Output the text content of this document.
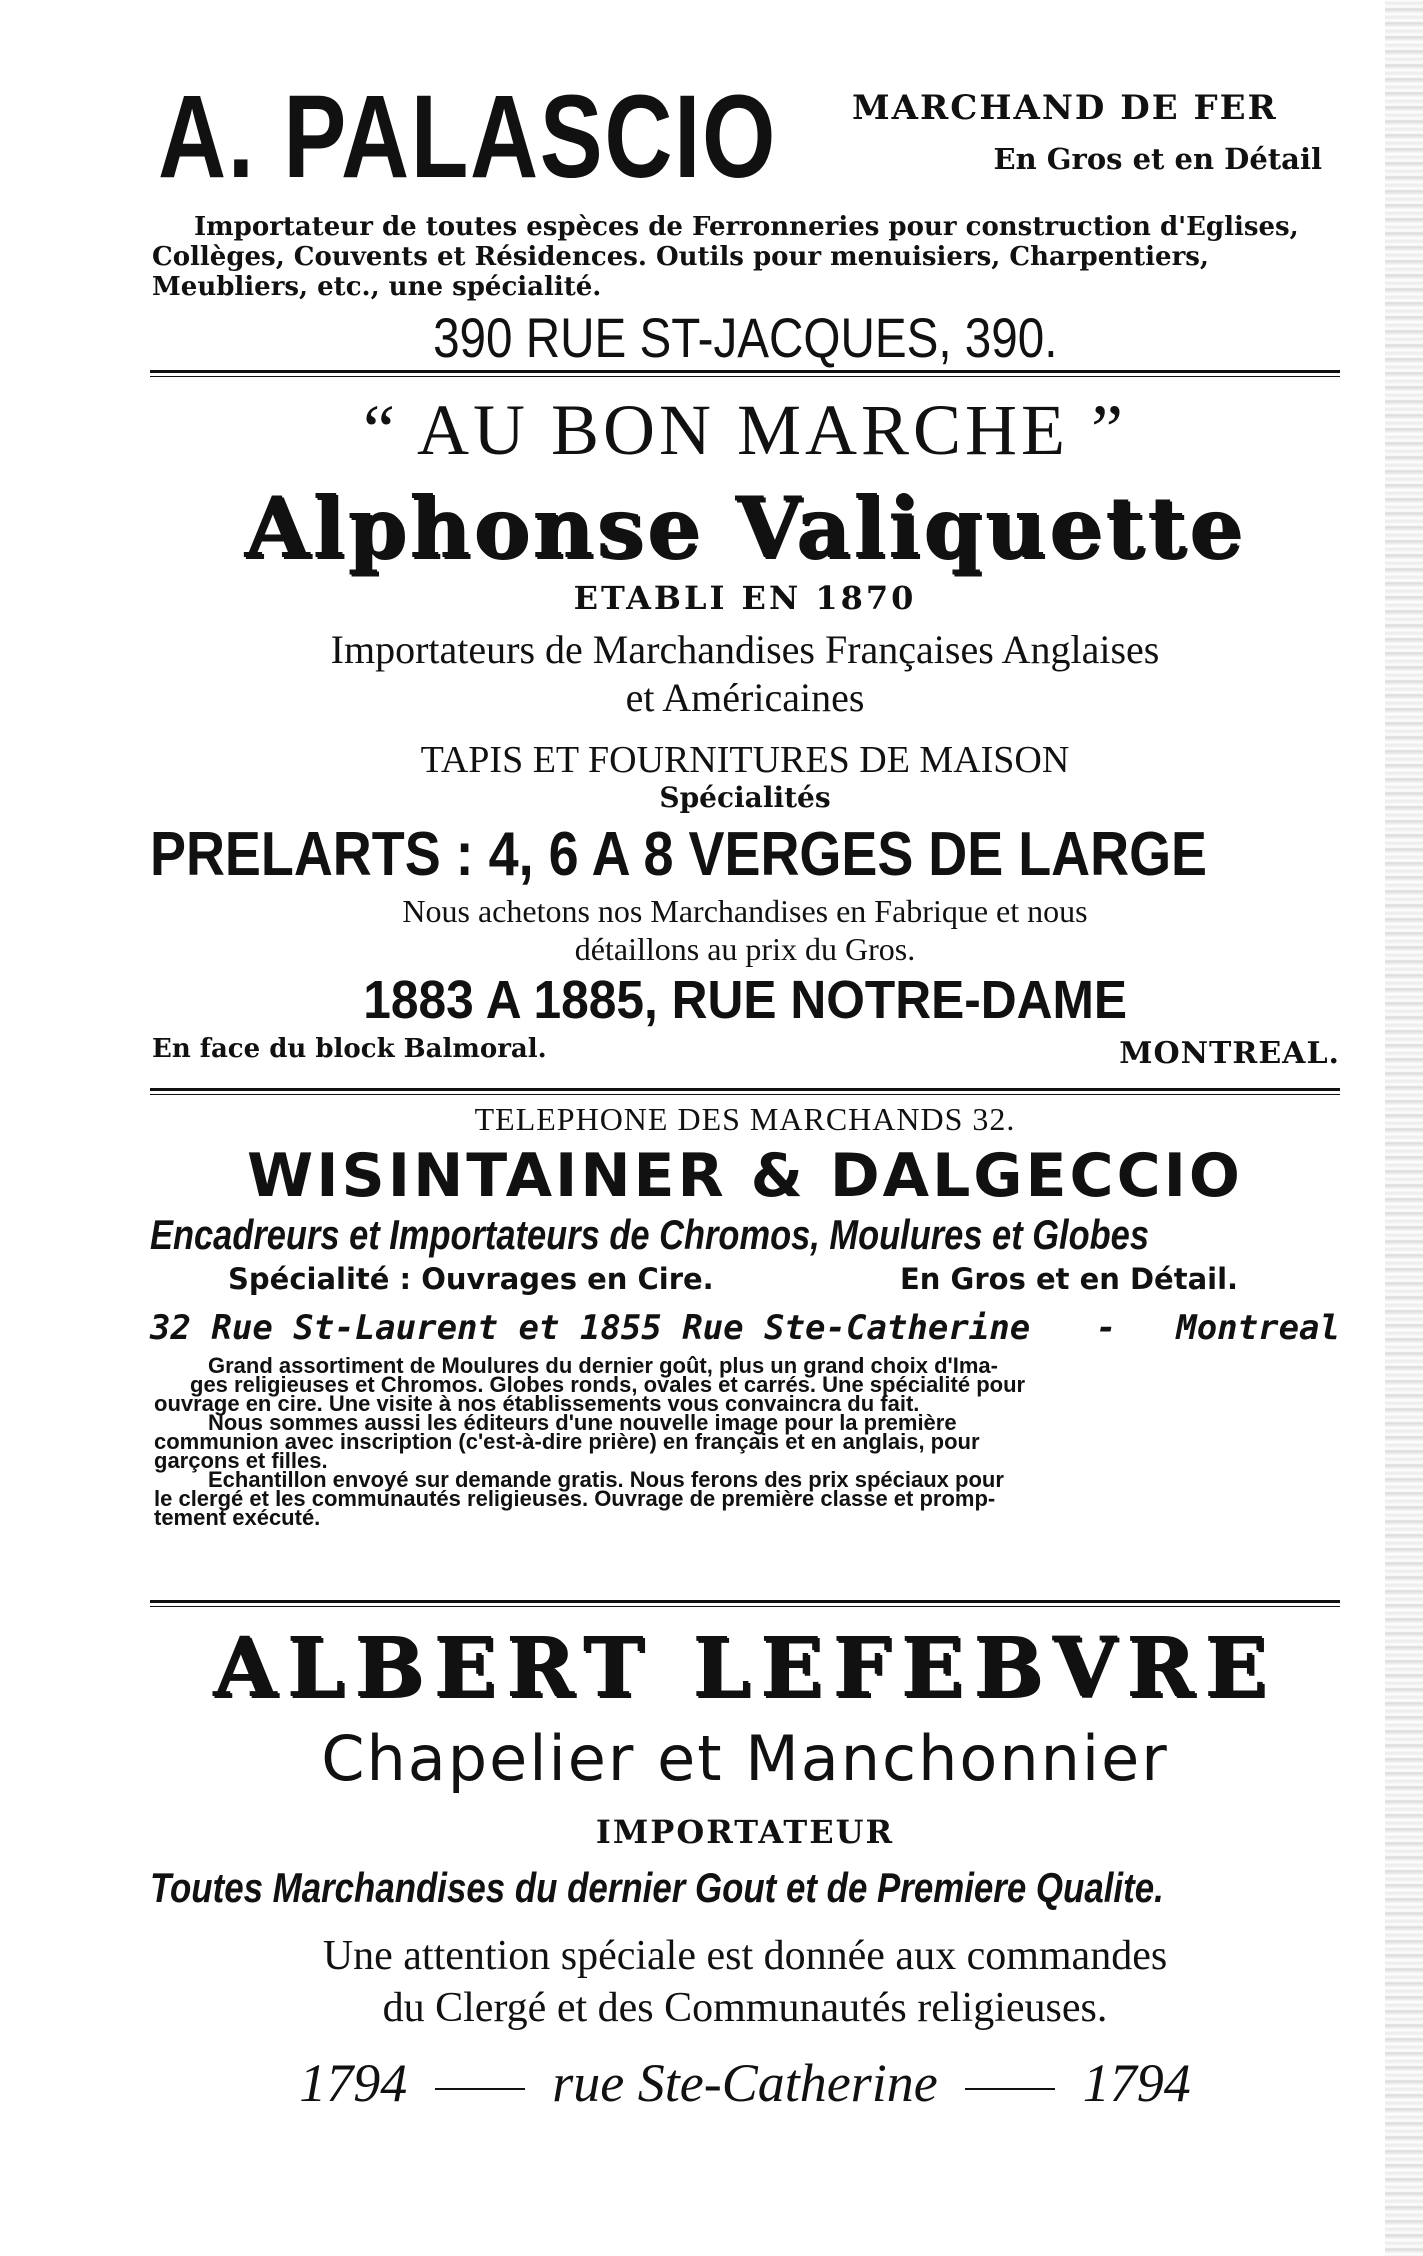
A. PALASCIO	MARCHAND DE FER
En Gros et en Détail
Importateur de toutes espèces de Ferronneries pour construction d'Eglises,
Collèges, Couvents et Résidences. Outils pour menuisiers, Charpentiers,
Meubliers, etc., une spécialité.
390 RUE ST-JACQUES, 390.
“ AU BON MARCHE ”
Alphonse Valiquette
ETABLI EN 1870
Importateurs de Marchandises Françaises Anglaises
et Américaines
TAPIS ET FOURNITURES DE MAISON
Spécialités
PRELARTS : 4, 6 A 8 VERGES DE LARGE
Nous achetons nos Marchandises en Fabrique et nous
détaillons au prix du Gros.
1883 A 1885, RUE NOTRE-DAME
En face du block Balmoral.	MONTREAL.
TELEPHONE DES MARCHANDS 32.
WISINTAINER & DALGECCIO
Encadreurs et Importateurs de Chromos, Moulures et Globes
Spécialité : Ouvrages en Cire.	En Gros et en Détail.
32 Rue St-Laurent et 1855 Rue Ste-Catherine - Montreal
Grand assortiment de Moulures du dernier goût, plus un grand choix d'Ima-
ges religieuses et Chromos. Globes ronds, ovales et carrés. Une spécialité pour
ouvrage en cire. Une visite à nos établissements vous convaincra du fait.
Nous sommes aussi les éditeurs d'une nouvelle image pour la première
communion avec inscription (c'est-à-dire prière) en français et en anglais, pour
garçons et filles.
Echantillon envoyé sur demande gratis. Nous ferons des prix spéciaux pour
le clergé et les communautés religieuses. Ouvrage de première classe et promp-
tement exécuté.
ALBERT LEFEBVRE
Chapelier et Manchonnier
IMPORTATEUR
Toutes Marchandises du dernier Gout et de Premiere Qualite.
Une attention spéciale est donnée aux commandes
du Clergé et des Communautés religieuses.
1794	rue Ste-Catherine	1794
